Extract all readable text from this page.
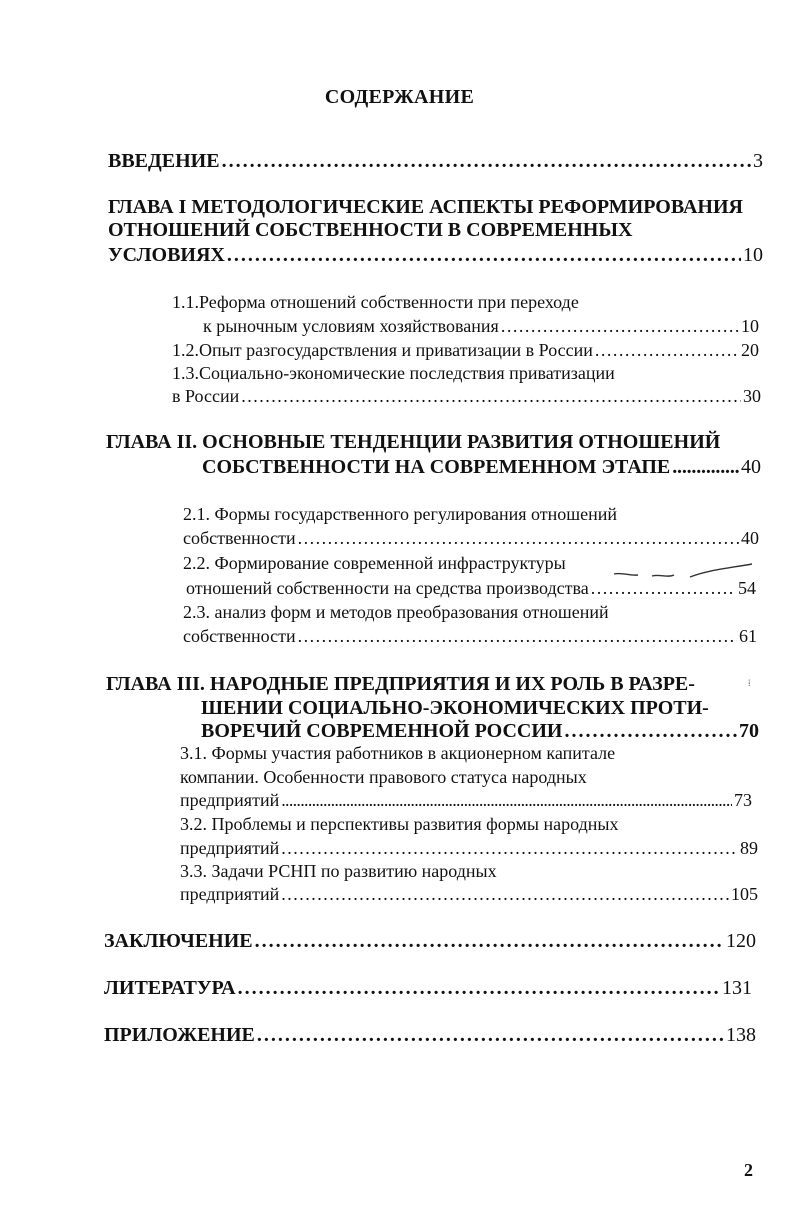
СОДЕРЖАНИЕ
ВВЕДЕНИЕ . . .	3
ГЛАВА I МЕТОДОЛОГИЧЕСКИЕ АСПЕКТЫ РЕФОРМИРОВАНИЯ
ОТНОШЕНИЙ СОБСТВЕННОСТИ В СОВРЕМЕННЫХ
УСЛОВИЯХ . . .	10
1.1.Реформа отношений собственности при переходе
к рыночным условиям хозяйствования . . .	10
1.2.Опыт разгосударствления и приватизации в России . . .	20
1.3.Социально-экономические последствия приватизации
в России . . .	30
ГЛАВА II. ОСНОВНЫЕ ТЕНДЕНЦИИ РАЗВИТИЯ ОТНОШЕНИЙ
СОБСТВЕННОСТИ НА СОВРЕМЕННОМ ЭТАПЕ . . .	40
2.1. Формы государственного регулирования отношений
собственности . . .	40
2.2. Формирование современной инфраструктуры
отношений собственности на средства производства . . .	54
2.3. анализ форм и методов преобразования отношений
собственности . . .	61
ГЛАВА III. НАРОДНЫЕ ПРЕДПРИЯТИЯ И ИХ РОЛЬ В РАЗРЕ-
ШЕНИИ СОЦИАЛЬНО-ЭКОНОМИЧЕСКИХ ПРОТИ-
ВОРЕЧИЙ СОВРЕМЕННОЙ РОССИИ . . .	70
⁞
3.1. Формы участия работников в акционерном капитале
компании. Особенности правового статуса народных
предприятий . . .	73
3.2. Проблемы и перспективы развития формы народных
предприятий . . .	89
3.3. Задачи РСНП по развитию народных
предприятий . . .	105
ЗАКЛЮЧЕНИЕ . . .	120
ЛИТЕРАТУРА . . .	131
ПРИЛОЖЕНИЕ . . .	138
2
